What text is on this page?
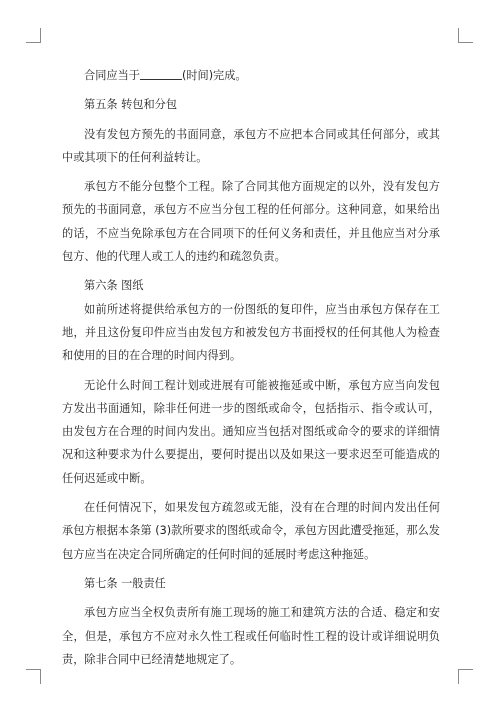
合同应当于	(时间)完成。

第五条 转包和分包

没有发包方预先的书面同意，承包方不应把本合同或其任何部分，或其中或其项下的任何利益转让。

承包方不能分包整个工程。除了合同其他方面规定的以外，没有发包方预先的书面同意，承包方不应当分包工程的任何部分。这种同意，如果给出的话，不应当免除承包方在合同项下的任何义务和责任，并且他应当对分承包方、他的代理人或工人的违约和疏忽负责。

第六条 图纸

如前所述将提供给承包方的一份图纸的复印件，应当由承包方保存在工地，并且这份复印件应当由发包方和被发包方书面授权的任何其他人为检查和使用的目的在合理的时间内得到。

无论什么时间工程计划或进展有可能被拖延或中断，承包方应当向发包方发出书面通知，除非任何进一步的图纸或命令，包括指示、指令或认可，由发包方在合理的时间内发出。通知应当包括对图纸或命令的要求的详细情况和这种要求为什么要提出，要何时提出以及如果这一要求迟至可能造成的任何迟延或中断。

在任何情况下，如果发包方疏忽或无能，没有在合理的时间内发出任何承包方根据本条第 (3)款所要求的图纸或命令，承包方因此遭受拖延，那么发包方应当在决定合同所确定的任何时间的延展时考虑这种拖延。

第七条 一般责任

承包方应当全权负责所有施工现场的施工和建筑方法的合适、稳定和安全，但是，承包方不应对永久性工程或任何临时性工程的设计或详细说明负责，除非合同中已经清楚地规定了。
